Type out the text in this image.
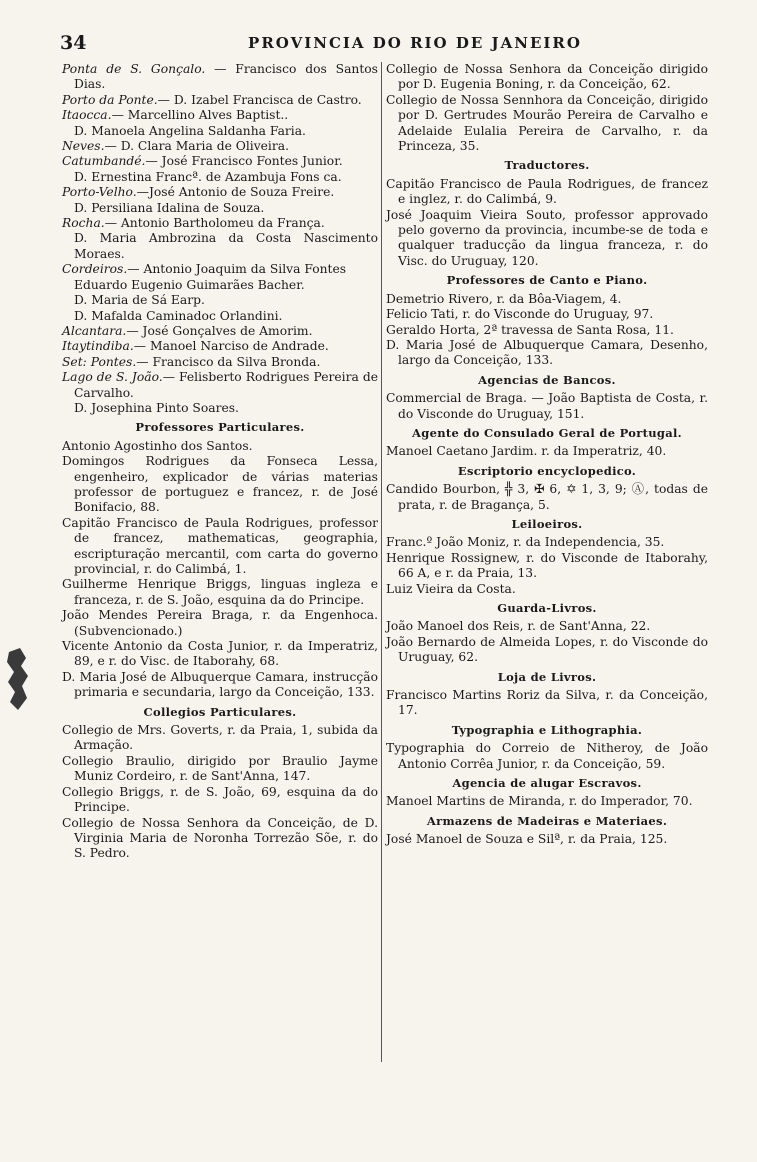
34	PROVINCIA DO RIO DE JANEIRO

Ponta de S. Gonçalo. — Francisco dos Santos Dias.

Porto da Ponte.— D. Izabel Francisca de Castro.

Itaocca.— Marcellino Alves Baptist..

D. Manoela Angelina Saldanha Faria.

Neves.— D. Clara Maria de Oliveira.

Catumbandé.— José Francisco Fontes Junior.

D. Ernestina Francª. de Azambuja Fons ca.

Porto-Velho.—José Antonio de Souza Freire.

D. Persiliana Idalina de Souza.

Rocha.— Antonio Bartholomeu da França.

D. Maria Ambrozina da Costa Nascimento Moraes.

Cordeiros.— Antonio Joaquim da Silva Fontes

Eduardo Eugenio Guimarães Bacher.

D. Maria de Sá Earp.

D. Mafalda Caminadoc Orlandini.

Alcantara.— José Gonçalves de Amorim.

Itaytindiba.— Manoel Narciso de Andrade.

Set: Pontes.— Francisco da Silva Bronda.

Lago de S. João.— Felisberto Rodrigues Pereira de Carvalho.

D. Josephina Pinto Soares.

Professores Particulares.

Antonio Agostinho dos Santos.

Domingos Rodrigues da Fonseca Lessa, engenheiro, explicador de várias materias professor de portuguez e francez, r. de José Bonifacio, 88.

Capitão Francisco de Paula Rodrigues, professor de francez, mathematicas, geographia, escripturação mercantil, com carta do governo provincial, r. do Calimbá, 1.

Guilherme Henrique Briggs, linguas ingleza e franceza, r. de S. João, esquina da do Principe.

João Mendes Pereira Braga, r. da Engenhoca. (Subvencionado.)

Vicente Antonio da Costa Junior, r. da Imperatriz, 89, e r. do Visc. de Itaborahy, 68.

D. Maria José de Albuquerque Camara, instrucção primaria e secundaria, largo da Conceição, 133.

Collegios Particulares.

Collegio de Mrs. Goverts, r. da Praia, 1, subida da Armação.

Collegio Braulio, dirigido por Braulio Jayme Muniz Cordeiro, r. de Sant'Anna, 147.

Collegio Briggs, r. de S. João, 69, esquina da do Principe.

Collegio de Nossa Senhora da Conceição, de D. Virginia Maria de Noronha Torrezão Sõe, r. do S. Pedro.

Collegio de Nossa Senhora da Conceição dirigido por D. Eugenia Boning, r. da Conceição, 62.

Collegio de Nossa Sennhora da Conceição, dirigido por D. Gertrudes Mourão Pereira de Carvalho e Adelaide Eulalia Pereira de Carvalho, r. da Princeza, 35.

Traductores.

Capitão Francisco de Paula Rodrigues, de francez e inglez, r. do Calimbá, 9.

José Joaquim Vieira Souto, professor approvado pelo governo da provincia, incumbe-se de toda e qualquer traducção da lingua franceza, r. do Visc. do Uruguay, 120.

Professores de Canto e Piano.

Demetrio Rivero, r. da Bôa-Viagem, 4.

Felicio Tati, r. do Visconde do Uruguay, 97.

Geraldo Horta, 2ª travessa de Santa Rosa, 11.

D. Maria José de Albuquerque Camara, Desenho, largo da Conceição, 133.

Agencias de Bancos.

Commercial de Braga. — João Baptista de Costa, r. do Visconde do Uruguay, 151.

Agente do Consulado Geral de Portugal.

Manoel Caetano Jardim. r. da Imperatriz, 40.

Escriptorio encyclopedico.

Candido Bourbon, ╬ 3, ✠ 6, ✡ 1, 3, 9; Ⓐ, todas de prata, r. de Bragança, 5.

Leiloeiros.

Franc.º João Moniz, r. da Independencia, 35.

Henrique Rossignew, r. do Visconde de Itaborahy, 66 A, e r. da Praia, 13.

Luiz Vieira da Costa.

Guarda-Livros.

João Manoel dos Reis, r. de Sant'Anna, 22.

João Bernardo de Almeida Lopes, r. do Visconde do Uruguay, 62.

Loja de Livros.

Francisco Martins Roriz da Silva, r. da Conceição, 17.

Typographia e Lithographia.

Typographia do Correio de Nitheroy, de João Antonio Corrêa Junior, r. da Conceição, 59.

Agencia de alugar Escravos.

Manoel Martins de Miranda, r. do Imperador, 70.

Armazens de Madeiras e Materiaes.

José Manoel de Souza e Silª, r. da Praia, 125.
